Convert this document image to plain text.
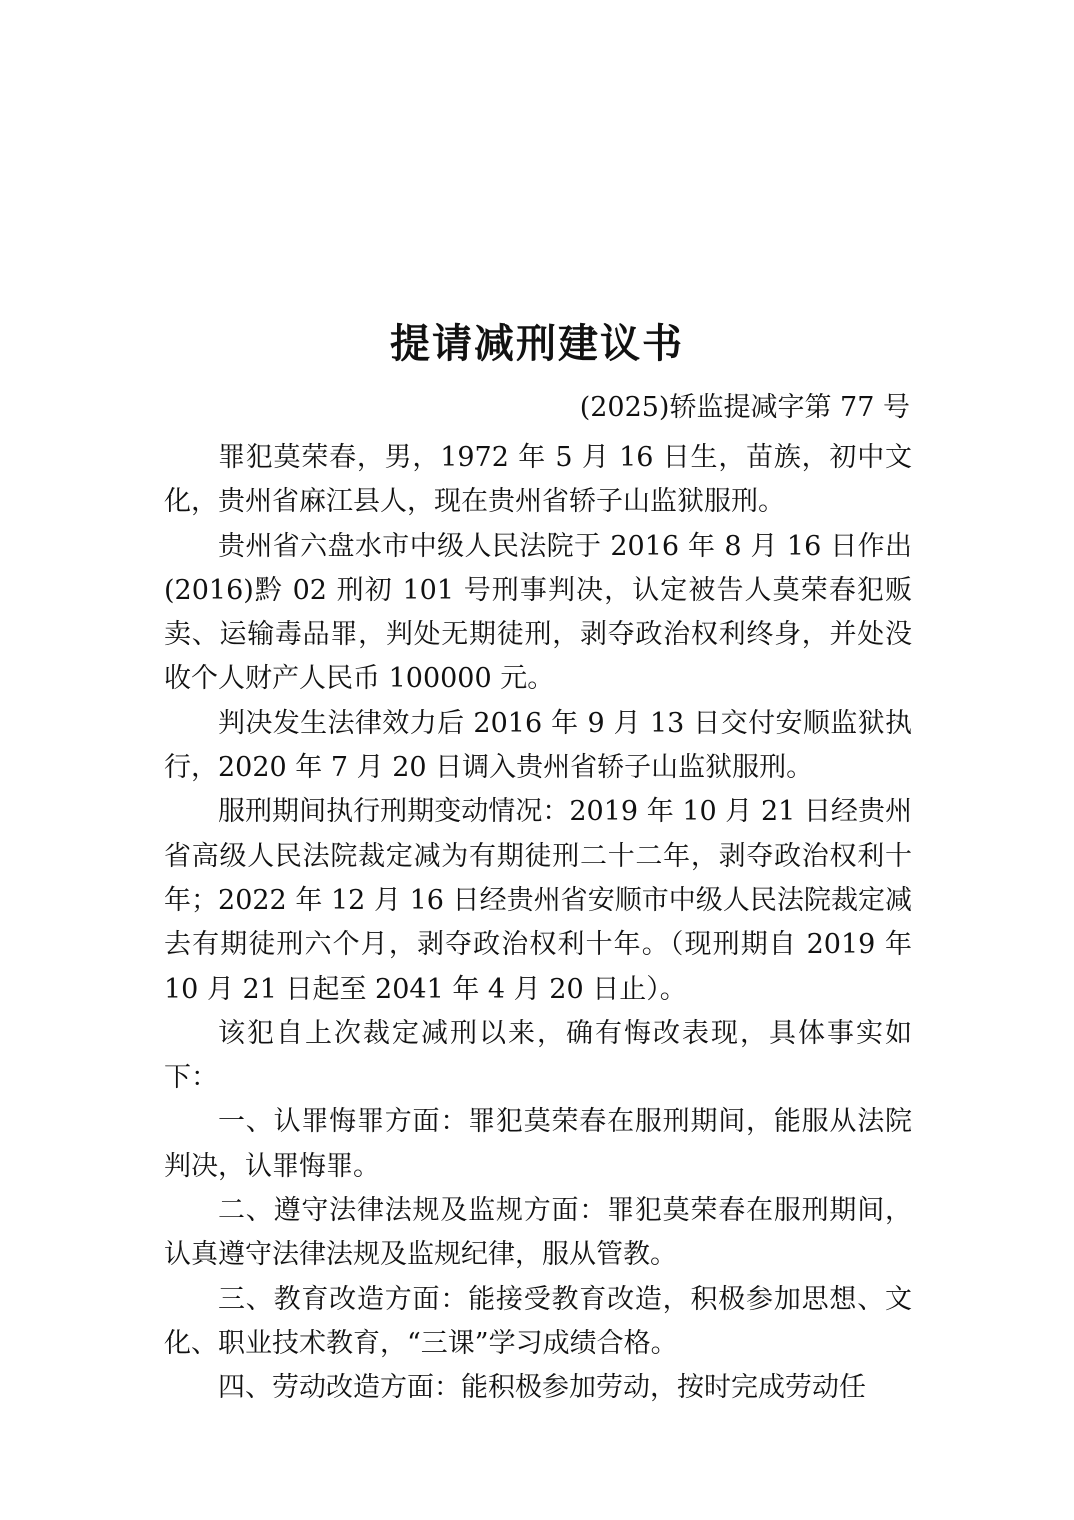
提请减刑建议书
(2025)轿监提减字第 77 号

罪犯莫荣春，男，1972 年 5 月 16 日生，苗族，初中文化，贵州省麻江县人，现在贵州省轿子山监狱服刑。

贵州省六盘水市中级人民法院于 2016 年 8 月 16 日作出(2016)黔 02 刑初 101 号刑事判决，认定被告人莫荣春犯贩卖、运输毒品罪，判处无期徒刑，剥夺政治权利终身，并处没收个人财产人民币 100000 元。

判决发生法律效力后 2016 年 9 月 13 日交付安顺监狱执行，2020 年 7 月 20 日调入贵州省轿子山监狱服刑。

服刑期间执行刑期变动情况：2019 年 10 月 21 日经贵州省高级人民法院裁定减为有期徒刑二十二年，剥夺政治权利十年；2022 年 12 月 16 日经贵州省安顺市中级人民法院裁定减去有期徒刑六个月，剥夺政治权利十年。（现刑期自 2019 年 10 月 21 日起至 2041 年 4 月 20 日止）。

该犯自上次裁定减刑以来，确有悔改表现，具体事实如下：

一、认罪悔罪方面：罪犯莫荣春在服刑期间，能服从法院判决，认罪悔罪。

二、遵守法律法规及监规方面：罪犯莫荣春在服刑期间，认真遵守法律法规及监规纪律，服从管教。

三、教育改造方面：能接受教育改造，积极参加思想、文化、职业技术教育，“三课”学习成绩合格。

四、劳动改造方面：能积极参加劳动，按时完成劳动任
